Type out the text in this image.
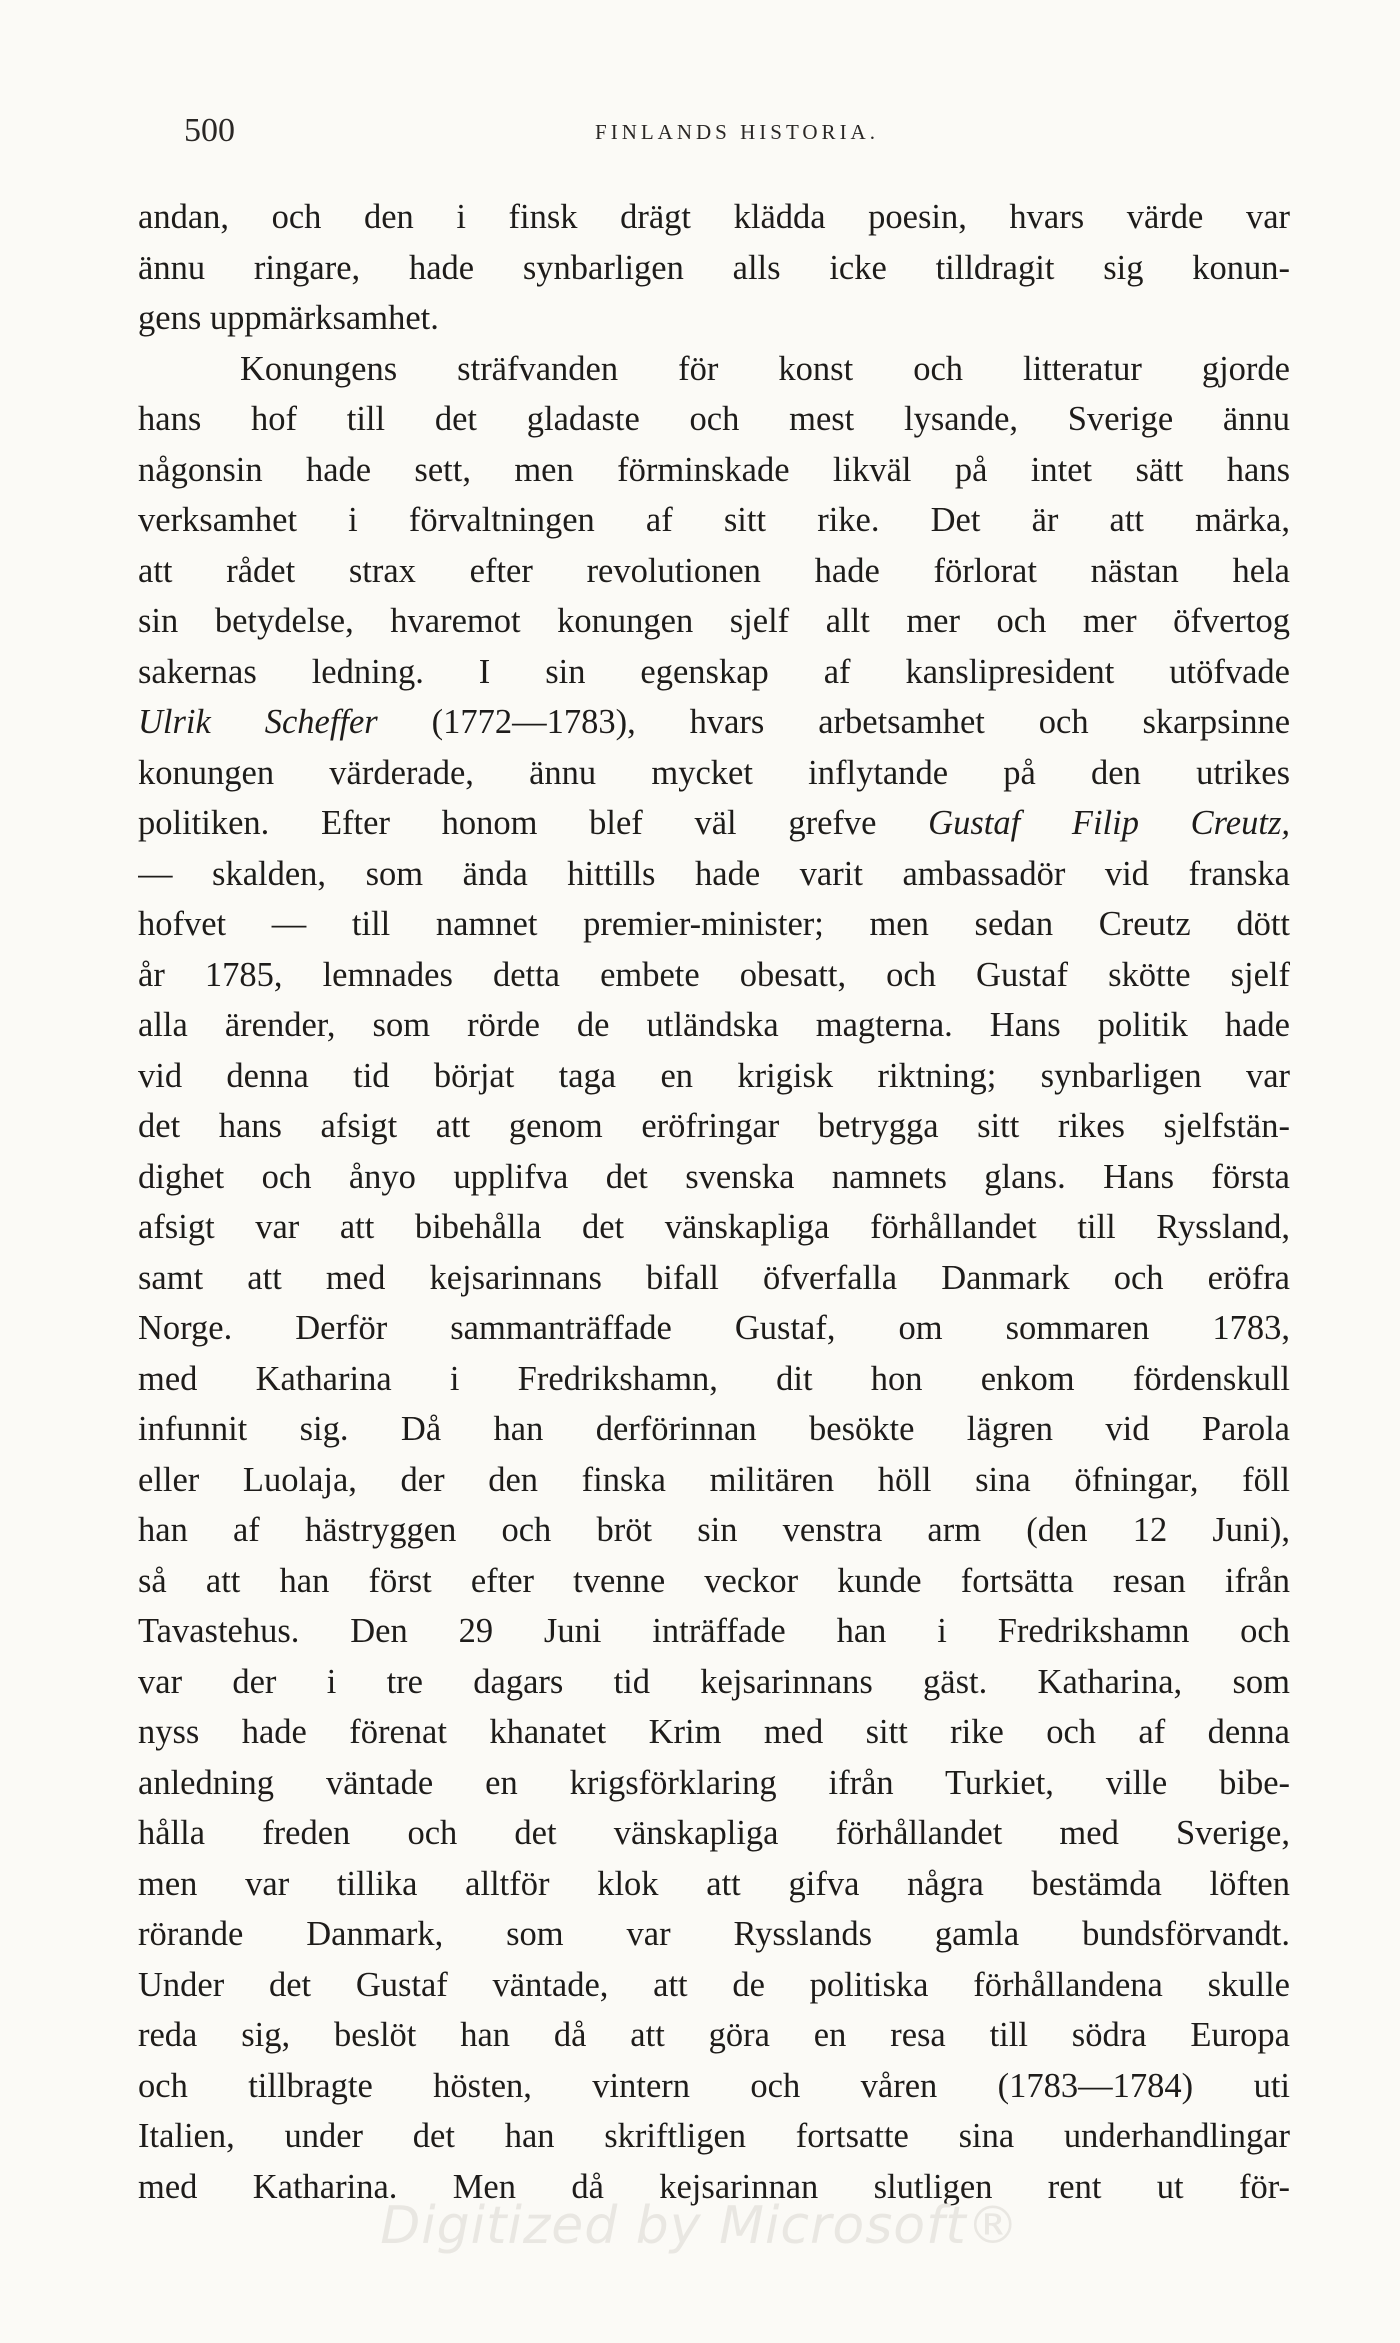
500	FINLANDS HISTORIA.
andan, och den i finsk drägt klädda poesin, hvars värde var
ännu ringare, hade synbarligen alls icke tilldragit sig konun-
gens uppmärksamhet.
Konungens sträfvanden för konst och litteratur gjorde
hans hof till det gladaste och mest lysande, Sverige ännu
någonsin hade sett, men förminskade likväl på intet sätt hans
verksamhet i förvaltningen af sitt rike. Det är att märka,
att rådet strax efter revolutionen hade förlorat nästan hela
sin betydelse, hvaremot konungen sjelf allt mer och mer öfvertog
sakernas ledning. I sin egenskap af kanslipresident utöfvade
Ulrik Scheffer (1772—1783), hvars arbetsamhet och skarpsinne
konungen värderade, ännu mycket inflytande på den utrikes
politiken. Efter honom blef väl grefve Gustaf Filip Creutz,
— skalden, som ända hittills hade varit ambassadör vid franska
hofvet — till namnet premier-minister; men sedan Creutz dött
år 1785, lemnades detta embete obesatt, och Gustaf skötte sjelf
alla ärender, som rörde de utländska magterna. Hans politik hade
vid denna tid börjat taga en krigisk riktning; synbarligen var
det hans afsigt att genom eröfringar betrygga sitt rikes sjelfstän-
dighet och ånyo upplifva det svenska namnets glans. Hans första
afsigt var att bibehålla det vänskapliga förhållandet till Ryssland,
samt att med kejsarinnans bifall öfverfalla Danmark och eröfra
Norge. Derför sammanträffade Gustaf, om sommaren 1783,
med Katharina i Fredrikshamn, dit hon enkom fördenskull
infunnit sig. Då han derförinnan besökte lägren vid Parola
eller Luolaja, der den finska militären höll sina öfningar, föll
han af hästryggen och bröt sin venstra arm (den 12 Juni),
så att han först efter tvenne veckor kunde fortsätta resan ifrån
Tavastehus. Den 29 Juni inträffade han i Fredrikshamn och
var der i tre dagars tid kejsarinnans gäst. Katharina, som
nyss hade förenat khanatet Krim med sitt rike och af denna
anledning väntade en krigsförklaring ifrån Turkiet, ville bibe-
hålla freden och det vänskapliga förhållandet med Sverige,
men var tillika alltför klok att gifva några bestämda löften
rörande Danmark, som var Rysslands gamla bundsförvandt.
Under det Gustaf väntade, att de politiska förhållandena skulle
reda sig, beslöt han då att göra en resa till södra Europa
och tillbragte hösten, vintern och våren (1783—1784) uti
Italien, under det han skriftligen fortsatte sina underhandlingar
med Katharina. Men då kejsarinnan slutligen rent ut för-
Digitized by Microsoft®
